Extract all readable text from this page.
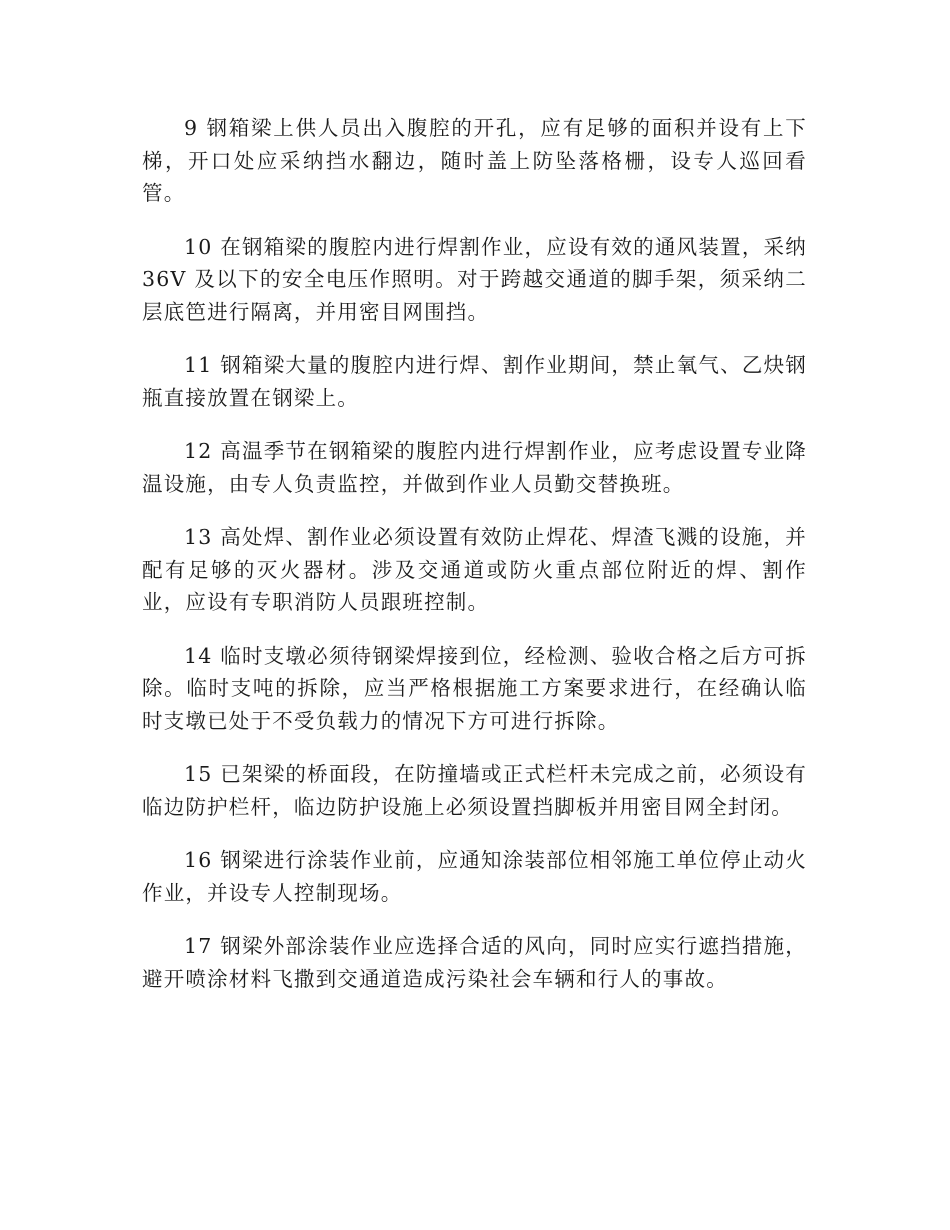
9 钢箱梁上供人员出入腹腔的开孔，应有足够的面积并设有上下梯，开口处应采纳挡水翻边，随时盖上防坠落格栅，设专人巡回看管。

10 在钢箱梁的腹腔内进行焊割作业，应设有效的通风装置，采纳36V 及以下的安全电压作照明。对于跨越交通道的脚手架，须采纳二层底笆进行隔离，并用密目网围挡。

11 钢箱梁大量的腹腔内进行焊、割作业期间，禁止氧气、乙炔钢瓶直接放置在钢梁上。

12 高温季节在钢箱梁的腹腔内进行焊割作业，应考虑设置专业降温设施，由专人负责监控，并做到作业人员勤交替换班。

13 高处焊、割作业必须设置有效防止焊花、焊渣飞溅的设施，并配有足够的灭火器材。涉及交通道或防火重点部位附近的焊、割作业，应设有专职消防人员跟班控制。

14 临时支墩必须待钢梁焊接到位，经检测、验收合格之后方可拆除。临时支吨的拆除，应当严格根据施工方案要求进行，在经确认临时支墩已处于不受负载力的情况下方可进行拆除。

15 已架梁的桥面段，在防撞墙或正式栏杆未完成之前，必须设有临边防护栏杆，临边防护设施上必须设置挡脚板并用密目网全封闭。

16 钢梁进行涂装作业前，应通知涂装部位相邻施工单位停止动火作业，并设专人控制现场。

17 钢梁外部涂装作业应选择合适的风向，同时应实行遮挡措施，避开喷涂材料飞撒到交通道造成污染社会车辆和行人的事故。
